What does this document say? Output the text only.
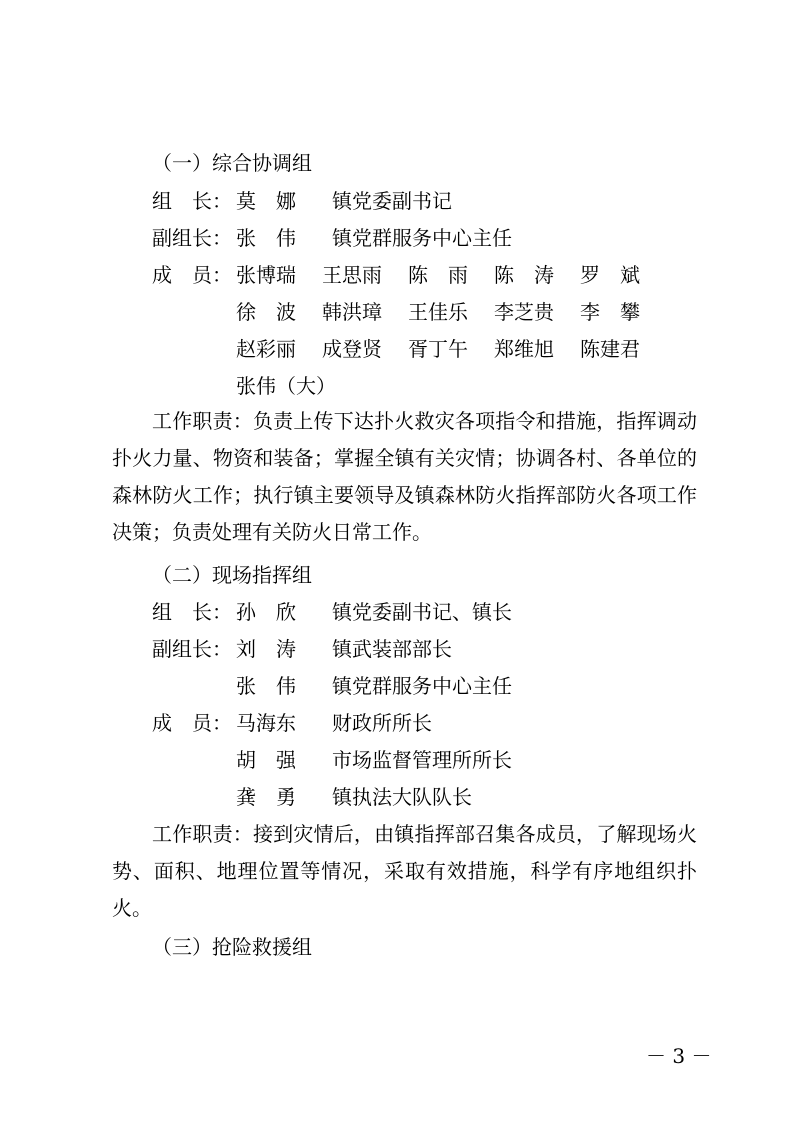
（一）综合协调组
组　长： 莫　娜 镇党委副书记
副组长： 张　伟 镇党群服务中心主任
成　员： 张博瑞 王思雨 陈　雨 陈　涛 罗　斌
徐　波 韩洪璋 王佳乐 李芝贵 李　攀
赵彩丽 成登贤 胥丁午 郑维旭 陈建君
张伟（大）
工作职责：负责上传下达扑火救灾各项指令和措施，指挥调动扑火力量、物资和装备；掌握全镇有关灾情；协调各村、各单位的森林防火工作；执行镇主要领导及镇森林防火指挥部防火各项工作决策；负责处理有关防火日常工作。
（二）现场指挥组
组　长： 孙　欣 镇党委副书记、镇长
副组长： 刘　涛 镇武装部部长
张　伟 镇党群服务中心主任
成　员： 马海东 财政所所长
胡　强 市场监督管理所所长
龚　勇 镇执法大队队长
工作职责：接到灾情后，由镇指挥部召集各成员，了解现场火势、面积、地理位置等情况，采取有效措施，科学有序地组织扑火。
（三）抢险救援组
－ 3 －
